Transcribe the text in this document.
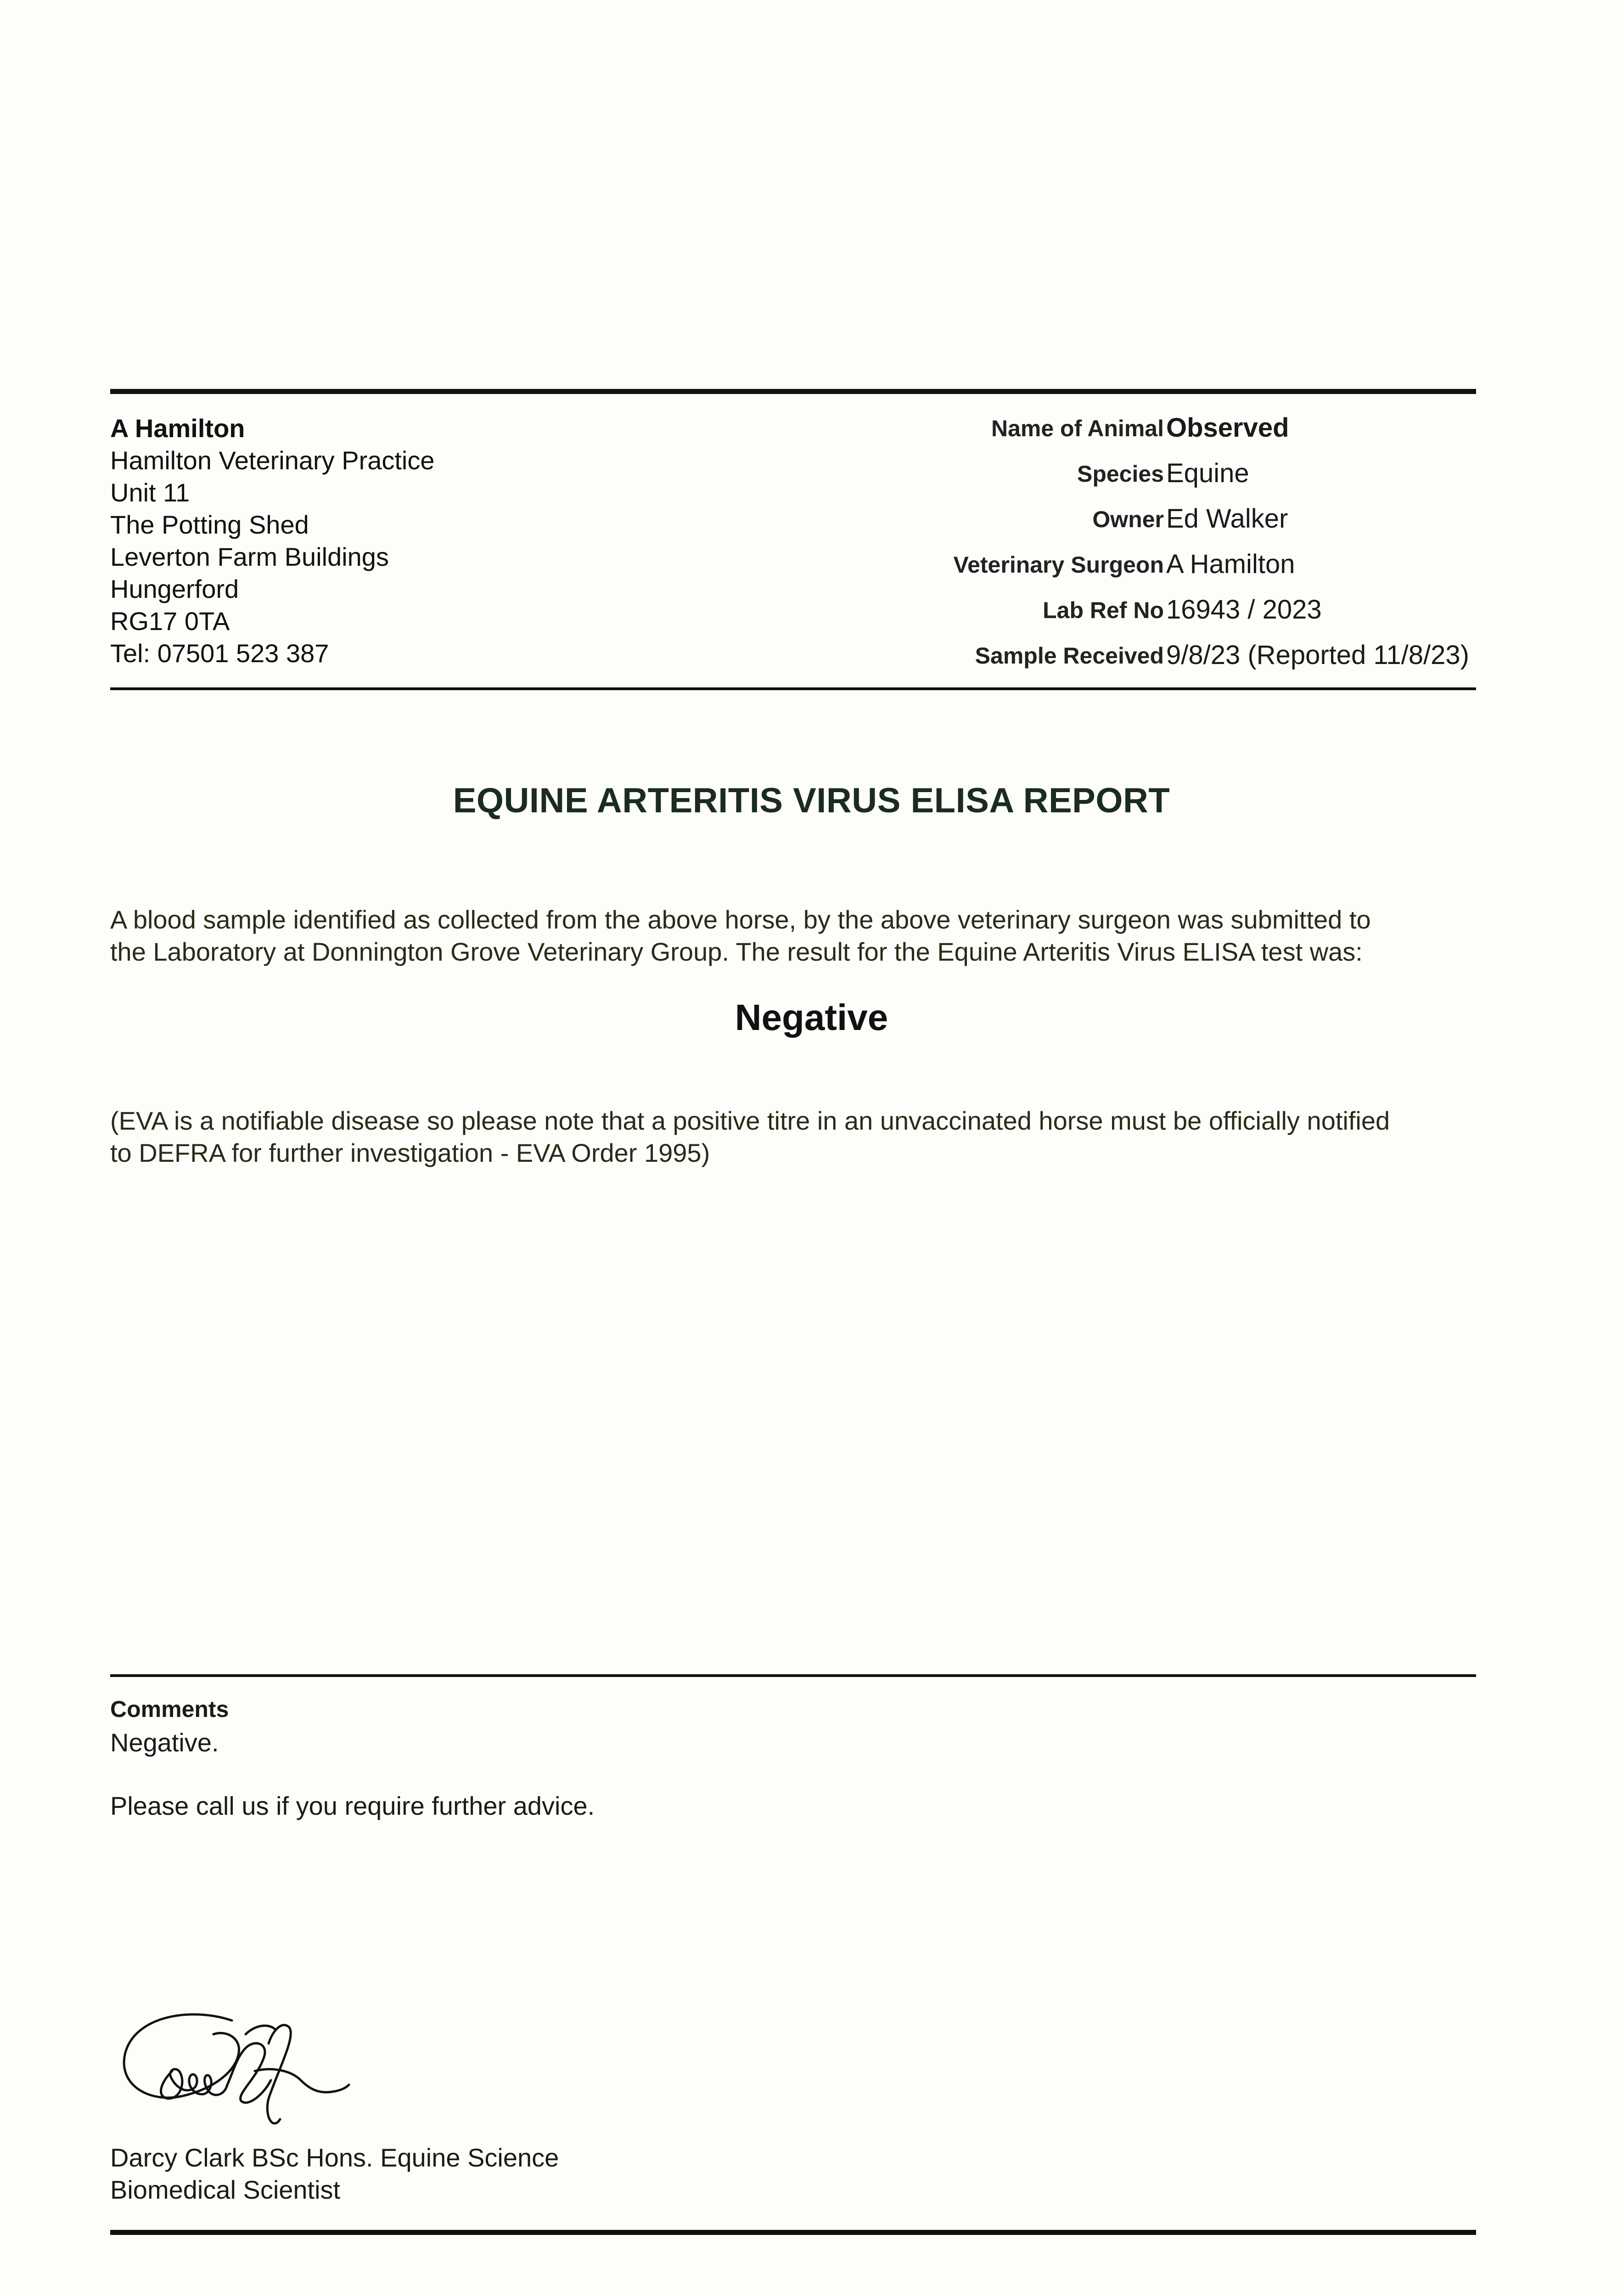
A Hamilton
Hamilton Veterinary Practice
Unit 11
The Potting Shed
Leverton Farm Buildings
Hungerford
RG17 0TA
Tel: 07501 523 387
Name of Animal Observed
Species Equine
Owner Ed Walker
Veterinary Surgeon A Hamilton
Lab Ref No 16943 / 2023
Sample Received 9/8/23 (Reported 11/8/23)
EQUINE ARTERITIS VIRUS ELISA REPORT
A blood sample identified as collected from the above horse, by the above veterinary surgeon was submitted to
the Laboratory at Donnington Grove Veterinary Group. The result for the Equine Arteritis Virus ELISA test was:
Negative
(EVA is a notifiable disease so please note that a positive titre in an unvaccinated horse must be officially notified
to DEFRA for further investigation - EVA Order 1995)
Comments
Negative.
Please call us if you require further advice.
Darcy Clark BSc Hons. Equine Science
Biomedical Scientist
